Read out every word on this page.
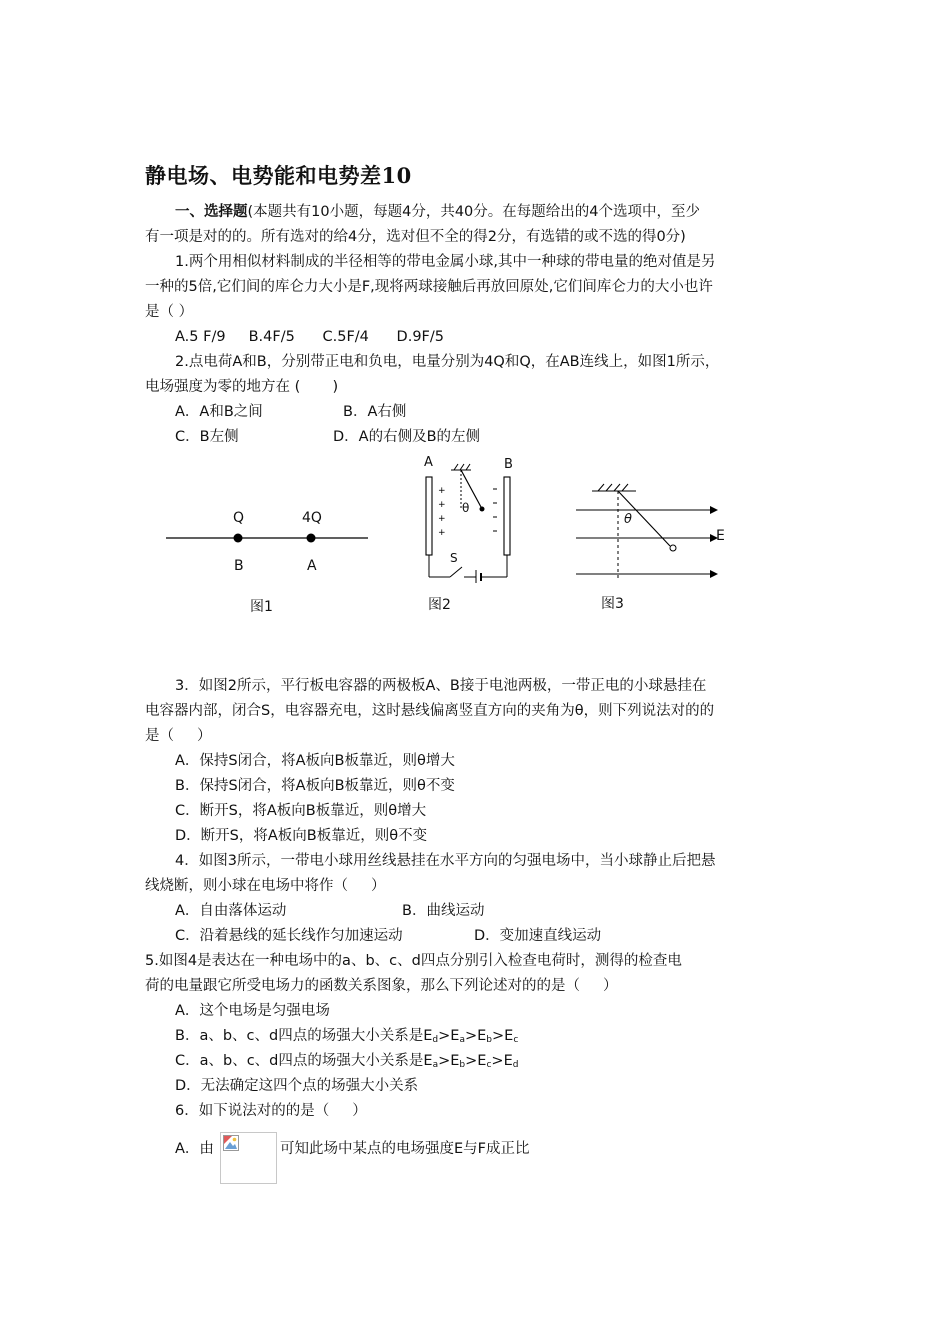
静电场、电势能和电势差10
一、选择题(本题共有10小题，每题4分，共40分。在每题给出的4个选项中，至少
有一项是对的的。所有选对的给4分，选对但不全的得2分，有选错的或不选的得0分)
1.两个用相似材料制成的半径相等的带电金属小球,其中一种球的带电量的绝对值是另
一种的5倍,它们间的库仑力大小是F,现将两球接触后再放回原处,它们间库仑力的大小也许
是（ ）
A.5 F/9     B.4F/5      C.5F/4      D.9F/5
2.点电荷A和B，分别带正电和负电，电量分别为4Q和Q，在AB连线上，如图1所示，
电场强度为零的地方在 (       )
A．A和B之间	B．A右侧
C．B左侧	D．A的右侧及B的左侧
Q	4Q
B	A
图1
+
+
+
+
A	B
θ
S
图2
θ
E
图3
3．如图2所示，平行板电容器的两极板A、B接于电池两极，一带正电的小球悬挂在
电容器内部，闭合S，电容器充电，这时悬线偏离竖直方向的夹角为θ，则下列说法对的的
是（     ）
A．保持S闭合，将A板向B板靠近，则θ增大
B．保持S闭合，将A板向B板靠近，则θ不变
C．断开S，将A板向B板靠近，则θ增大
D．断开S，将A板向B板靠近，则θ不变
4．如图3所示，一带电小球用丝线悬挂在水平方向的匀强电场中，当小球静止后把悬
线烧断，则小球在电场中将作（     ）
A．自由落体运动	B．曲线运动
C．沿着悬线的延长线作匀加速运动	D．变加速直线运动
5.如图4是表达在一种电场中的a、b、c、d四点分别引入检查电荷时，测得的检查电
荷的电量跟它所受电场力的函数关系图象，那么下列论述对的的是（     ）
A．这个电场是匀强电场
B．a、b、c、d四点的场强大小关系是$E_d>E_a>E_b>E_c$
C．a、b、c、d四点的场强大小关系是$E_a>E_b>E_c>E_d$
D．无法确定这四个点的场强大小关系
6．如下说法对的的是（     ）
A．由	可知此场中某点的电场强度E与F成正比
